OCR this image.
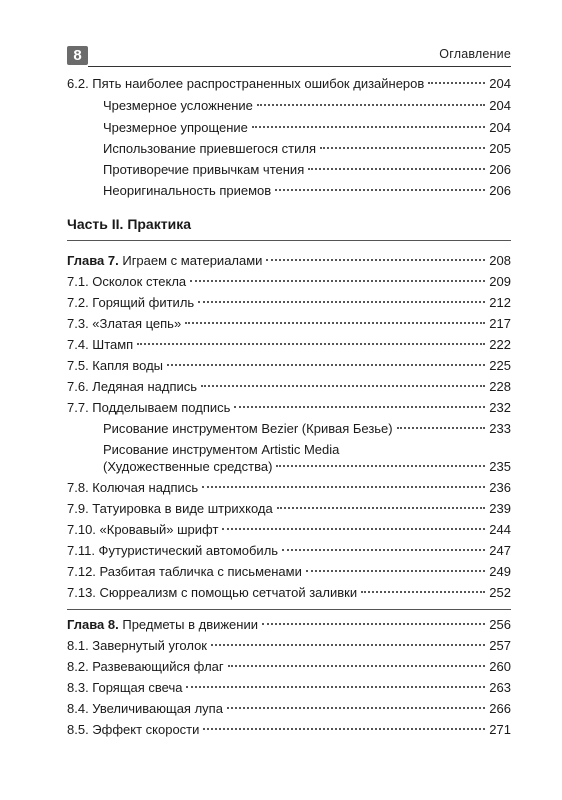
8	Оглавление
6.2. Пять наиболее распространенных ошибок дизайнеров	204
Чрезмерное усложнение	204
Чрезмерное упрощение	204
Использование приевшегося стиля	205
Противоречие привычкам чтения	206
Неоригинальность приемов	206
Часть II. Практика
Глава 7. Играем с материалами	208
7.1. Осколок стекла	209
7.2. Горящий фитиль	212
7.3. «Златая цепь»	217
7.4. Штамп	222
7.5. Капля воды	225
7.6. Ледяная надпись	228
7.7. Подделываем подпись	232
Рисование инструментом Bezier (Кривая Безье)	233
Рисование инструментом Artistic Media
(Художественные средства)	235
7.8. Колючая надпись	236
7.9. Татуировка в виде штрихкода	239
7.10. «Кровавый» шрифт	244
7.11. Футуристический автомобиль	247
7.12. Разбитая табличка с письменами	249
7.13. Сюрреализм с помощью сетчатой заливки	252
Глава 8. Предметы в движении	256
8.1. Завернутый уголок	257
8.2. Развевающийся флаг	260
8.3. Горящая свеча	263
8.4. Увеличивающая лупа	266
8.5. Эффект скорости	271
